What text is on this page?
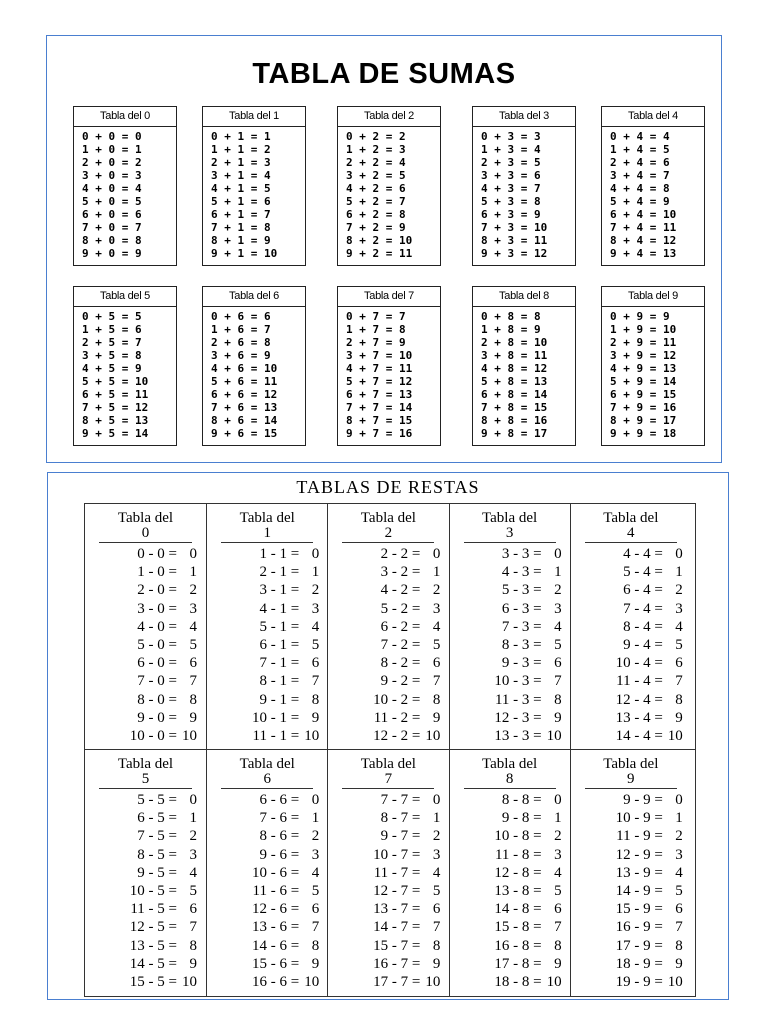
TABLA DE SUMAS
Tabla del 0
0 + 0 = 0
1 + 0 = 1
2 + 0 = 2
3 + 0 = 3
4 + 0 = 4
5 + 0 = 5
6 + 0 = 6
7 + 0 = 7
8 + 0 = 8
9 + 0 = 9
Tabla del 1
0 + 1 = 1
1 + 1 = 2
2 + 1 = 3
3 + 1 = 4
4 + 1 = 5
5 + 1 = 6
6 + 1 = 7
7 + 1 = 8
8 + 1 = 9
9 + 1 = 10
Tabla del 2
0 + 2 = 2
1 + 2 = 3
2 + 2 = 4
3 + 2 = 5
4 + 2 = 6
5 + 2 = 7
6 + 2 = 8
7 + 2 = 9
8 + 2 = 10
9 + 2 = 11
Tabla del 3
0 + 3 = 3
1 + 3 = 4
2 + 3 = 5
3 + 3 = 6
4 + 3 = 7
5 + 3 = 8
6 + 3 = 9
7 + 3 = 10
8 + 3 = 11
9 + 3 = 12
Tabla del 4
0 + 4 = 4
1 + 4 = 5
2 + 4 = 6
3 + 4 = 7
4 + 4 = 8
5 + 4 = 9
6 + 4 = 10
7 + 4 = 11
8 + 4 = 12
9 + 4 = 13
Tabla del 5
0 + 5 = 5
1 + 5 = 6
2 + 5 = 7
3 + 5 = 8
4 + 5 = 9
5 + 5 = 10
6 + 5 = 11
7 + 5 = 12
8 + 5 = 13
9 + 5 = 14
Tabla del 6
0 + 6 = 6
1 + 6 = 7
2 + 6 = 8
3 + 6 = 9
4 + 6 = 10
5 + 6 = 11
6 + 6 = 12
7 + 6 = 13
8 + 6 = 14
9 + 6 = 15
Tabla del 7
0 + 7 = 7
1 + 7 = 8
2 + 7 = 9
3 + 7 = 10
4 + 7 = 11
5 + 7 = 12
6 + 7 = 13
7 + 7 = 14
8 + 7 = 15
9 + 7 = 16
Tabla del 8
0 + 8 = 8
1 + 8 = 9
2 + 8 = 10
3 + 8 = 11
4 + 8 = 12
5 + 8 = 13
6 + 8 = 14
7 + 8 = 15
8 + 8 = 16
9 + 8 = 17
Tabla del 9
0 + 9 = 9
1 + 9 = 10
2 + 9 = 11
3 + 9 = 12
4 + 9 = 13
5 + 9 = 14
6 + 9 = 15
7 + 9 = 16
8 + 9 = 17
9 + 9 = 18
TABLAS DE RESTAS
Tabla del
0
0 - 0 = 0
1 - 0 = 1
2 - 0 = 2
3 - 0 = 3
4 - 0 = 4
5 - 0 = 5
6 - 0 = 6
7 - 0 = 7
8 - 0 = 8
9 - 0 = 9
10 - 0 = 10
Tabla del
1
1 - 1 = 0
2 - 1 = 1
3 - 1 = 2
4 - 1 = 3
5 - 1 = 4
6 - 1 = 5
7 - 1 = 6
8 - 1 = 7
9 - 1 = 8
10 - 1 = 9
11 - 1 = 10
Tabla del
2
2 - 2 = 0
3 - 2 = 1
4 - 2 = 2
5 - 2 = 3
6 - 2 = 4
7 - 2 = 5
8 - 2 = 6
9 - 2 = 7
10 - 2 = 8
11 - 2 = 9
12 - 2 = 10
Tabla del
3
3 - 3 = 0
4 - 3 = 1
5 - 3 = 2
6 - 3 = 3
7 - 3 = 4
8 - 3 = 5
9 - 3 = 6
10 - 3 = 7
11 - 3 = 8
12 - 3 = 9
13 - 3 = 10
Tabla del
4
4 - 4 = 0
5 - 4 = 1
6 - 4 = 2
7 - 4 = 3
8 - 4 = 4
9 - 4 = 5
10 - 4 = 6
11 - 4 = 7
12 - 4 = 8
13 - 4 = 9
14 - 4 = 10
Tabla del
5
5 - 5 = 0
6 - 5 = 1
7 - 5 = 2
8 - 5 = 3
9 - 5 = 4
10 - 5 = 5
11 - 5 = 6
12 - 5 = 7
13 - 5 = 8
14 - 5 = 9
15 - 5 = 10
Tabla del
6
6 - 6 = 0
7 - 6 = 1
8 - 6 = 2
9 - 6 = 3
10 - 6 = 4
11 - 6 = 5
12 - 6 = 6
13 - 6 = 7
14 - 6 = 8
15 - 6 = 9
16 - 6 = 10
Tabla del
7
7 - 7 = 0
8 - 7 = 1
9 - 7 = 2
10 - 7 = 3
11 - 7 = 4
12 - 7 = 5
13 - 7 = 6
14 - 7 = 7
15 - 7 = 8
16 - 7 = 9
17 - 7 = 10
Tabla del
8
8 - 8 = 0
9 - 8 = 1
10 - 8 = 2
11 - 8 = 3
12 - 8 = 4
13 - 8 = 5
14 - 8 = 6
15 - 8 = 7
16 - 8 = 8
17 - 8 = 9
18 - 8 = 10
Tabla del
9
9 - 9 = 0
10 - 9 = 1
11 - 9 = 2
12 - 9 = 3
13 - 9 = 4
14 - 9 = 5
15 - 9 = 6
16 - 9 = 7
17 - 9 = 8
18 - 9 = 9
19 - 9 = 10
